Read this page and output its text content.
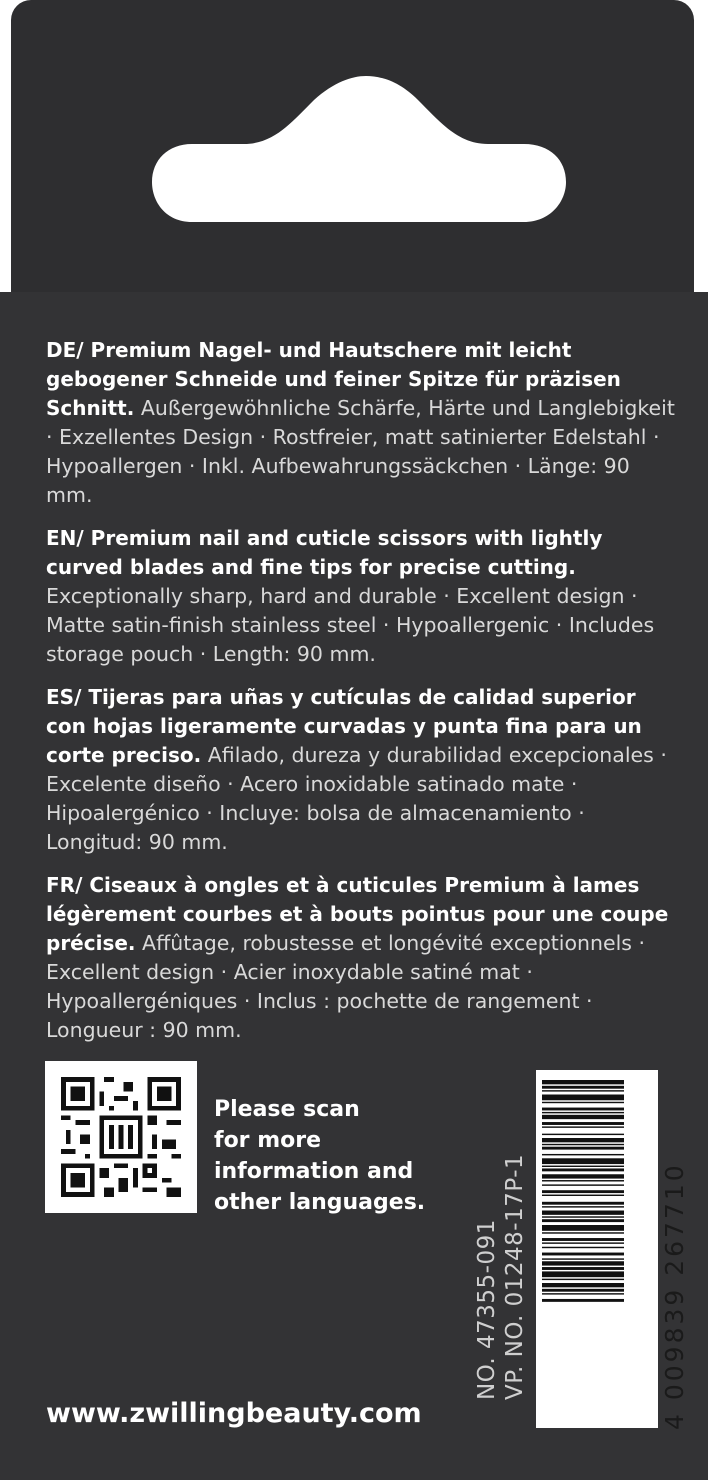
DE/ Premium Nagel- und Hautschere mit leicht gebogener Schneide und feiner Spitze für präzisen Schnitt. Außergewöhnliche Schärfe, Härte und Langlebigkeit · Exzellentes Design · Rostfreier, matt satinierter Edelstahl · Hypoallergen · Inkl. Aufbewahrungssäckchen · Länge: 90 mm.

EN/ Premium nail and cuticle scissors with lightly curved blades and fine tips for precise cutting. Exceptionally sharp, hard and durable · Excellent design · Matte satin-finish stainless steel · Hypoallergenic · Includes storage pouch · Length: 90 mm.

ES/ Tijeras para uñas y cutículas de calidad superior con hojas ligeramente curvadas y punta fina para un corte preciso. Afilado, dureza y durabilidad excepcionales · Excelente diseño · Acero inoxidable satinado mate · Hipoalergénico · Incluye: bolsa de almacenamiento · Longitud: 90 mm.

FR/ Ciseaux à ongles et à cuticules Premium à lames légèrement courbes et à bouts pointus pour une coupe précise. Affûtage, robustesse et longévité exceptionnels · Excellent design · Acier inoxydable satiné mat · Hypoallergéniques · Inclus : pochette de rangement · Longueur : 90 mm.

Please scan
for more
information and
other languages.
NO. 47355-091 VP. NO. 01248-17P-1	4 009839 267710
www.zwillingbeauty.com
